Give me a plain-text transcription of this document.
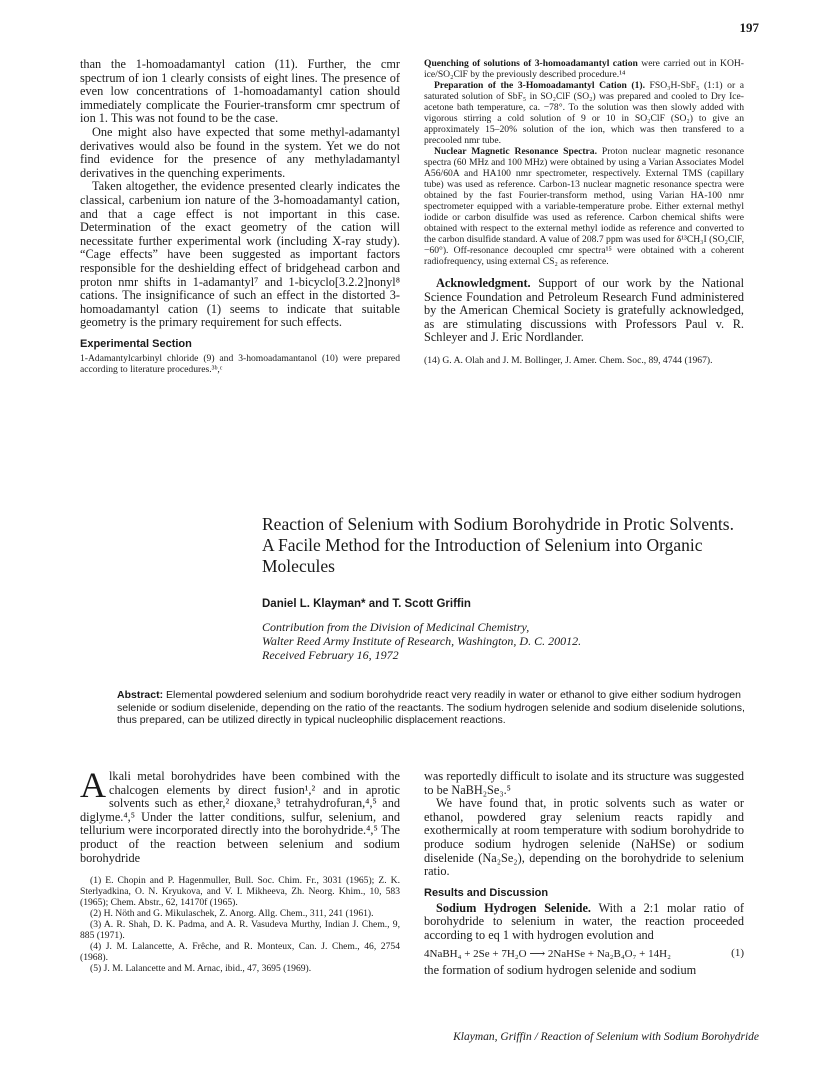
197

than the 1-homoadamantyl cation (11). Further, the cmr spectrum of ion 1 clearly consists of eight lines. The presence of even low concentrations of 1-homoadamantyl cation should immediately complicate the Fourier-transform cmr spectrum of ion 1. This was not found to be the case.

One might also have expected that some methyl-adamantyl derivatives would also be found in the system. Yet we do not find evidence for the presence of any methyladamantyl derivatives in the quenching experiments.

Taken altogether, the evidence presented clearly indicates the classical, carbenium ion nature of the 3-homoadamantyl cation, and that a cage effect is not important in this case. Determination of the exact geometry of the cation will necessitate further experimental work (including X-ray study). “Cage effects” have been suggested as important factors responsible for the deshielding effect of bridgehead carbon and proton nmr shifts in 1-adamantyl⁷ and 1-bicyclo[3.2.2]nonyl⁸ cations. The insignificance of such an effect in the distorted 3-homoadamantyl cation (1) seems to indicate that suitable geometry is the primary requirement for such effects.

Experimental Section

1-Adamantylcarbinyl chloride (9) and 3-homoadamantanol (10) were prepared according to literature procedures.³ᵇ,ᶜ

Quenching of solutions of 3-homoadamantyl cation were carried out in KOH-ice/SO₂ClF by the previously described procedure.¹⁴

Preparation of the 3-Homoadamantyl Cation (1). FSO₃H-SbF₅ (1:1) or a saturated solution of SbF₅ in SO₂ClF (SO₂) was prepared and cooled to Dry Ice-acetone bath temperature, ca. −78°. To the solution was then slowly added with vigorous stirring a cold solution of 9 or 10 in SO₂ClF (SO₂) to give an approximately 15–20% solution of the ion, which was then transfered to a precooled nmr tube.

Nuclear Magnetic Resonance Spectra. Proton nuclear magnetic resonance spectra (60 MHz and 100 MHz) were obtained by using a Varian Associates Model A56/60A and HA100 nmr spectrometer, respectively. External TMS (capillary tube) was used as reference. Carbon-13 nuclear magnetic resonance spectra were obtained by the fast Fourier-transform method, using Varian HA-100 nmr spectrometer equipped with a variable-temperature probe. Either external methyl iodide or carbon disulfide was used as reference. Carbon chemical shifts were obtained with respect to the external methyl iodide as reference and converted to the carbon disulfide standard. A value of 208.7 ppm was used for δ¹³CH₃I (SO₂ClF, −60°). Off-resonance decoupled cmr spectra¹⁵ were obtained with a coherent radiofrequency, using external CS₂ as reference.

Acknowledgment. Support of our work by the National Science Foundation and Petroleum Research Fund administered by the American Chemical Society is gratefully acknowledged, as are stimulating discussions with Professors Paul v. R. Schleyer and J. Eric Nordlander.

(14) G. A. Olah and J. M. Bollinger, J. Amer. Chem. Soc., 89, 4744 (1967).

Reaction of Selenium with Sodium Borohydride in Protic Solvents. A Facile Method for the Introduction of Selenium into Organic Molecules
Daniel L. Klayman* and T. Scott Griffin
Contribution from the Division of Medicinal Chemistry,
Walter Reed Army Institute of Research, Washington, D. C. 20012.
Received February 16, 1972
Abstract: Elemental powdered selenium and sodium borohydride react very readily in water or ethanol to give either sodium hydrogen selenide or sodium diselenide, depending on the ratio of the reactants. The sodium hydrogen selenide and sodium diselenide solutions, thus prepared, can be utilized directly in typical nucleophilic displacement reactions.

Alkali metal borohydrides have been combined with the chalcogen elements by direct fusion¹,² and in aprotic solvents such as ether,² dioxane,³ tetrahydrofuran,⁴,⁵ and diglyme.⁴,⁵ Under the latter conditions, sulfur, selenium, and tellurium were incorporated directly into the borohydride.⁴,⁵ The product of the reaction between selenium and sodium borohydride

(1) E. Chopin and P. Hagenmuller, Bull. Soc. Chim. Fr., 3031 (1965); Z. K. Sterlyadkina, O. N. Kryukova, and V. I. Mikheeva, Zh. Neorg. Khim., 10, 583 (1965); Chem. Abstr., 62, 14170f (1965).

(2) H. Nöth and G. Mikulaschek, Z. Anorg. Allg. Chem., 311, 241 (1961).

(3) A. R. Shah, D. K. Padma, and A. R. Vasudeva Murthy, Indian J. Chem., 9, 885 (1971).

(4) J. M. Lalancette, A. Frêche, and R. Monteux, Can. J. Chem., 46, 2754 (1968).

(5) J. M. Lalancette and M. Arnac, ibid., 47, 3695 (1969).

was reportedly difficult to isolate and its structure was suggested to be NaBH₂Se₃.⁵

We have found that, in protic solvents such as water or ethanol, powdered gray selenium reacts rapidly and exothermically at room temperature with sodium borohydride to produce sodium hydrogen selenide (NaHSe) or sodium diselenide (Na₂Se₂), depending on the borohydride to selenium ratio.

Results and Discussion

Sodium Hydrogen Selenide. With a 2:1 molar ratio of borohydride to selenium in water, the reaction proceeded according to eq 1 with hydrogen evolution and

4NaBH₄ + 2Se + 7H₂O ⟶ 2NaHSe + Na₂B₄O₇ + 14H₂	(1)

the formation of sodium hydrogen selenide and sodium

Klayman, Griffin / Reaction of Selenium with Sodium Borohydride
